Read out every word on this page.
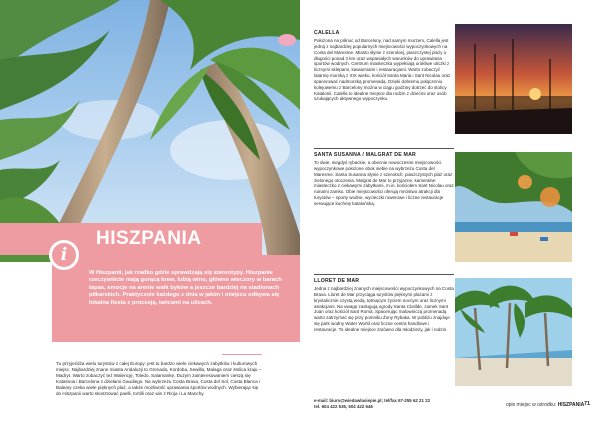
HISZPANIA
i
W Hiszpanii, jak rzadko gdzie sprawdzają się stereotypy. Hiszpanie rzeczywiście mają gorącą krew, lubią wino, główne wieczory w barach tapas, emocje na arenie walk byków a jeszcze bardziej na stadionach piłkarskich. Praktycznie każdego z dnia w jakim i miejscu odbywa się lokalna fiesta z procesją, tańcami na ulicach.
Tu przyjeżdża wielu turystów z całej Europy: jest tu bardzo wiele ciekawych zabytków i kulturowych miejsc. Najbardziej znane miasta Andaluzji to Grenada, Kordoba, Sewilla, Malaga oraz stolica kraju – Madryt. Warto zobaczyć też Walencję, Toledo, Salamankę. Dużym zainteresowaniem cieszą się Katalonia i Barcelona z dziełami Gaudiego. Na wybrzeżu Costa Brava, Costa del Sol, Costa Blanca i Baleary czeka wiele pięknych plaż, a także możliwość uprawiania sportów wodnych. Wybierając się do Hiszpanii warto skosztować paelli, tortilli oraz win z Rioja i La Manchy.
CALELLA

Położona na północ od Barcelony, nad samym morzem, Calella jest jedną z najbardziej popularnych miejscowości wypoczynkowych na Costa del Maresme. Miasto słynie z szerokiej, piaszczystej plaży o długości ponad 3 km oraz wspaniałych warunków do uprawiania sportów wodnych. Centrum miasteczka wypełniają urokliwe uliczki z licznymi sklepami, kawiarniami i restauracjami. Warto zobaczyć latarnię morską z XIX wieku, kościół Santa Maria i Sant Nicolau oraz spacerować nadmorską promenadą. Dzięki dobremu połączeniu kolejowemu z Barcelony można w ciągu godziny dotrzeć do stolicy Katalonii. Calella to idealne miejsce dla rodzin z dziećmi oraz osób szukających aktywnego wypoczynku.

SANTA SUSANNA / MALGRAT DE MAR

To dwie, niegdyś rybackie, a obecnie nowoczesne miejscowości wypoczynkowe położone obok siebie na wybrzeżu Costa del Maresme. Santa Susanna słynie z szerokich, piaszczystych plaż oraz zielonego otoczenia. Malgrat de Mar to przyjazne, kameralne miasteczko z ciekawymi zabytkami, m.in. kościołem Sant Nicolau oraz ruinami zamku. Obie miejscowości oferują mnóstwo atrakcji dla turystów – sporty wodne, wycieczki rowerowe i liczne restauracje serwujące kuchnię katalońską.

LLORET DE MAR

Jedna z najbardziej znanych miejscowości wypoczynkowych na Costa Brava. Lloret de Mar przyciąga turystów pięknymi plażami z krystalicznie czystą wodą, tętniącym życiem nocnym oraz licznymi atrakcjami. Na uwagę zasługują ogrody Santa Clotilde, zamek Sant Joan oraz kościół Sant Romà. Spacerując malowniczą promenadą warto zatrzymać się przy pomniku Żony Rybaka. W pobliżu znajduje się park wodny Water World oraz liczne centra handlowe i restauracje. To idealne miejsce zarówno dla młodzieży, jak i rodzin.

e-mail: biuro@wiedawlasiepie.pl; tel/fax 67-255 62 21 22
tel. 604 422 535, 604 422 646	opis miejsc w ośrodku: HISZPANIA 71
